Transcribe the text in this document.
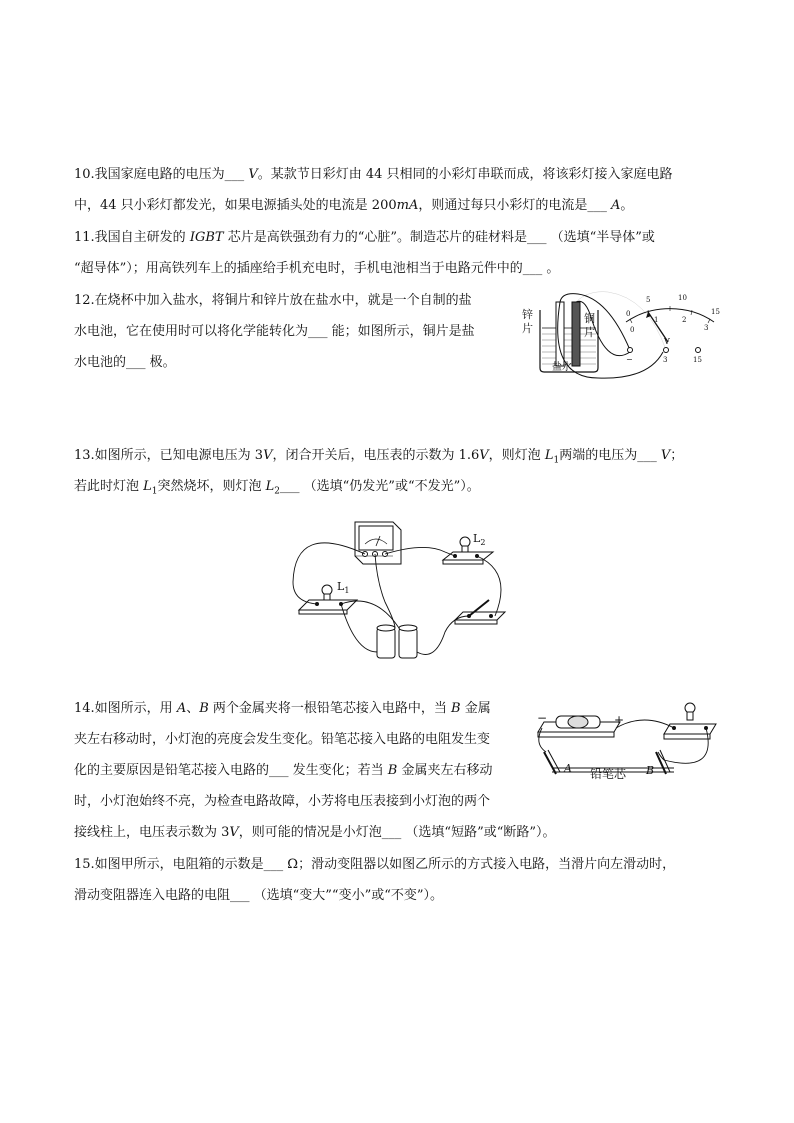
10.我国家庭电路的电压为___ V。某款节日彩灯由 44 只相同的小彩灯串联而成，将该彩灯接入家庭电路
中，44 只小彩灯都发光，如果电源插头处的电流是 200mA，则通过每只小彩灯的电流是___ A。
11.我国自主研发的 IGBT 芯片是高铁强劲有力的“心脏”。制造芯片的硅材料是___ （选填“半导体”或
“超导体”）；用高铁列车上的插座给手机充电时，手机电池相当于电路元件中的___ 。
12.在烧杯中加入盐水，将铜片和锌片放在盐水中，就是一个自制的盐
水电池，它在使用时可以将化学能转化为___ 能；如图所示，铜片是盐
水电池的___ 极。
锌
片
铜
片
盐水
0
5	10
15
0
1	2
3
V
−	3	15
13.如图所示，已知电源电压为 3V，闭合开关后，电压表的示数为 1.6V，则灯泡 $L_1$两端的电压为___ V；
若此时灯泡 $L_1$突然烧坏，则灯泡 $L_2\_\_\_$ （选填“仍发光”或“不发光”）。
$L_2$
$L_1$
14.如图所示，用 A、B 两个金属夹将一根铅笔芯接入电路中，当 B 金属
夹左右移动时，小灯泡的亮度会发生变化。铅笔芯接入电路的电阻发生变
化的主要原因是铅笔芯接入电路的___ 发生变化；若当 B 金属夹左右移动
时，小灯泡始终不亮，为检查电路故障，小芳将电压表接到小灯泡的两个
接线柱上，电压表示数为 3V，则可能的情况是小灯泡___ （选填“短路”或“断路”）。
−	+
A	B
铅笔芯
15.如图甲所示，电阻箱的示数是___ Ω；滑动变阻器以如图乙所示的方式接入电路，当滑片向左滑动时，
滑动变阻器连入电路的电阻___ （选填“变大”“变小”或“不变”）。
